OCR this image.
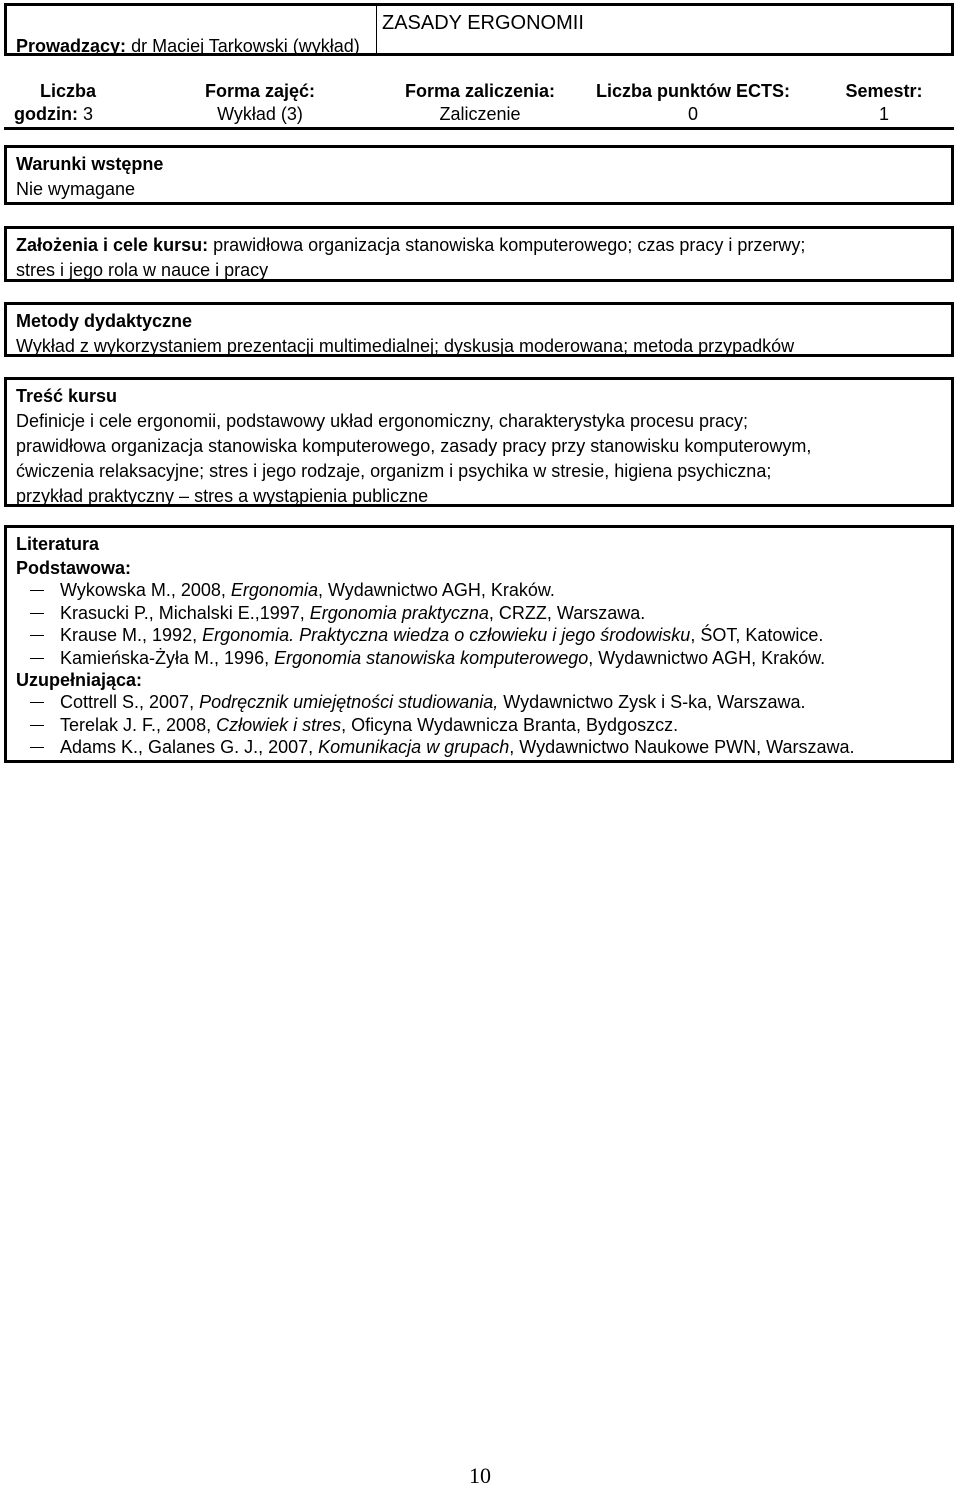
Prowadzący: dr Maciej Tarkowski (wykład)
ZASADY ERGONOMII
Liczba
godzin: 3
Forma zajęć:
Wykład (3)
Forma zaliczenia:
Zaliczenie
Liczba punktów ECTS:
0
Semestr:
1
Warunki wstępne
Nie wymagane
Założenia i cele kursu: prawidłowa organizacja stanowiska komputerowego; czas pracy i przerwy;
stres i jego rola w nauce i pracy
Metody dydaktyczne
Wykład z wykorzystaniem prezentacji multimedialnej; dyskusja moderowana; metoda przypadków
Treść kursu
Definicje i cele ergonomii, podstawowy układ ergonomiczny, charakterystyka procesu pracy;
prawidłowa organizacja stanowiska komputerowego, zasady pracy przy stanowisku komputerowym,
ćwiczenia relaksacyjne; stres i jego rodzaje, organizm i psychika w stresie, higiena psychiczna;
przykład praktyczny – stres a wystąpienia publiczne
Literatura
Podstawowa:
Wykowska M., 2008, Ergonomia, Wydawnictwo AGH, Kraków.
Krasucki P., Michalski E.,1997, Ergonomia praktyczna, CRZZ, Warszawa.
Krause M., 1992, Ergonomia. Praktyczna wiedza o człowieku i jego środowisku, ŚOT, Katowice.
Kamieńska-Żyła M., 1996, Ergonomia stanowiska komputerowego, Wydawnictwo AGH, Kraków.
Uzupełniająca:
Cottrell S., 2007, Podręcznik umiejętności studiowania, Wydawnictwo Zysk i S-ka, Warszawa.
Terelak J. F., 2008, Człowiek i stres, Oficyna Wydawnicza Branta, Bydgoszcz.
Adams K., Galanes G. J., 2007, Komunikacja w grupach, Wydawnictwo Naukowe PWN, Warszawa.
10
